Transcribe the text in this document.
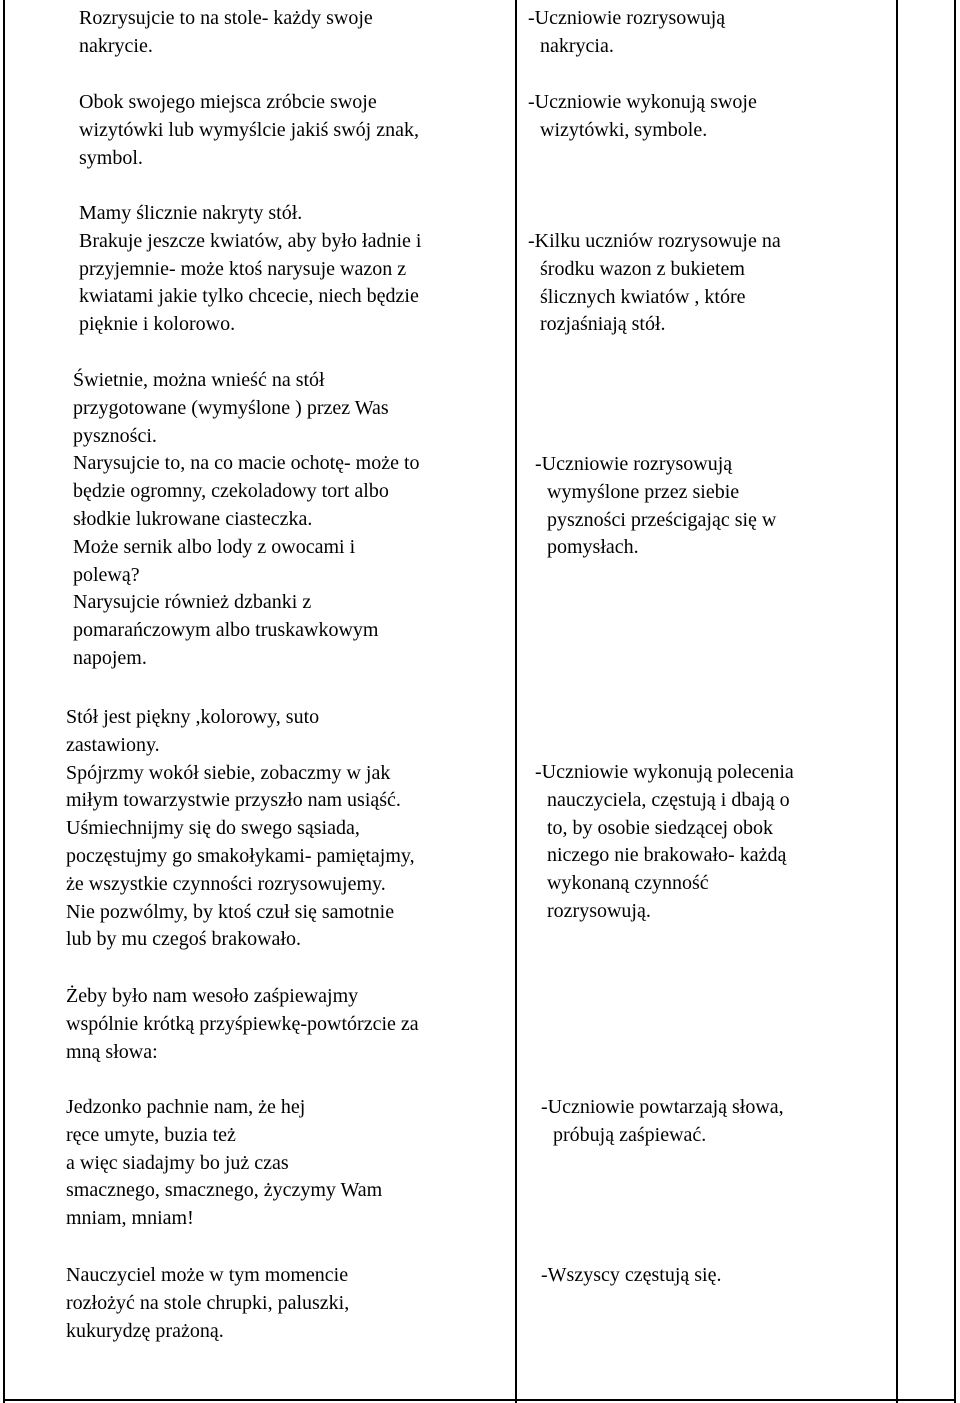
Rozrysujcie to na stole- każdy swoje

nakrycie.

Obok swojego miejsca zróbcie swoje

wizytówki lub wymyślcie jakiś swój znak,

symbol.

Mamy ślicznie nakryty stół.

Brakuje jeszcze kwiatów, aby było ładnie i

przyjemnie- może ktoś narysuje wazon z

kwiatami jakie tylko chcecie, niech będzie

pięknie i kolorowo.

Świetnie, można wnieść na stół

przygotowane (wymyślone ) przez Was

pyszności.

Narysujcie to, na co macie ochotę- może to

będzie ogromny, czekoladowy tort albo

słodkie lukrowane ciasteczka.

Może sernik albo lody z owocami i

polewą?

Narysujcie również dzbanki z

pomarańczowym albo truskawkowym

napojem.

Stół jest piękny ,kolorowy, suto

zastawiony.

Spójrzmy wokół siebie, zobaczmy w jak

miłym towarzystwie przyszło nam usiąść.

Uśmiechnijmy się do swego sąsiada,

poczęstujmy go smakołykami- pamiętajmy,

że wszystkie czynności rozrysowujemy.

Nie pozwólmy, by ktoś czuł się samotnie

lub by mu czegoś brakowało.

Żeby było nam wesoło zaśpiewajmy

wspólnie krótką przyśpiewkę-powtórzcie za

mną słowa:

Jedzonko pachnie nam, że hej

ręce umyte, buzia też

a więc siadajmy bo już czas

smacznego, smacznego, życzymy Wam

mniam, mniam!

Nauczyciel może w tym momencie

rozłożyć na stole chrupki, paluszki,

kukurydzę prażoną.

-Uczniowie rozrysowują

nakrycia.

-Uczniowie wykonują swoje

wizytówki, symbole.

-Kilku uczniów rozrysowuje na

środku wazon z bukietem

ślicznych kwiatów , które

rozjaśniają stół.

-Uczniowie rozrysowują

wymyślone przez siebie

pyszności prześcigając się w

pomysłach.

-Uczniowie wykonują polecenia

nauczyciela, częstują i dbają o

to, by osobie siedzącej obok

niczego nie brakowało- każdą

wykonaną czynność

rozrysowują.

-Uczniowie powtarzają słowa,

próbują zaśpiewać.

-Wszyscy częstują się.
